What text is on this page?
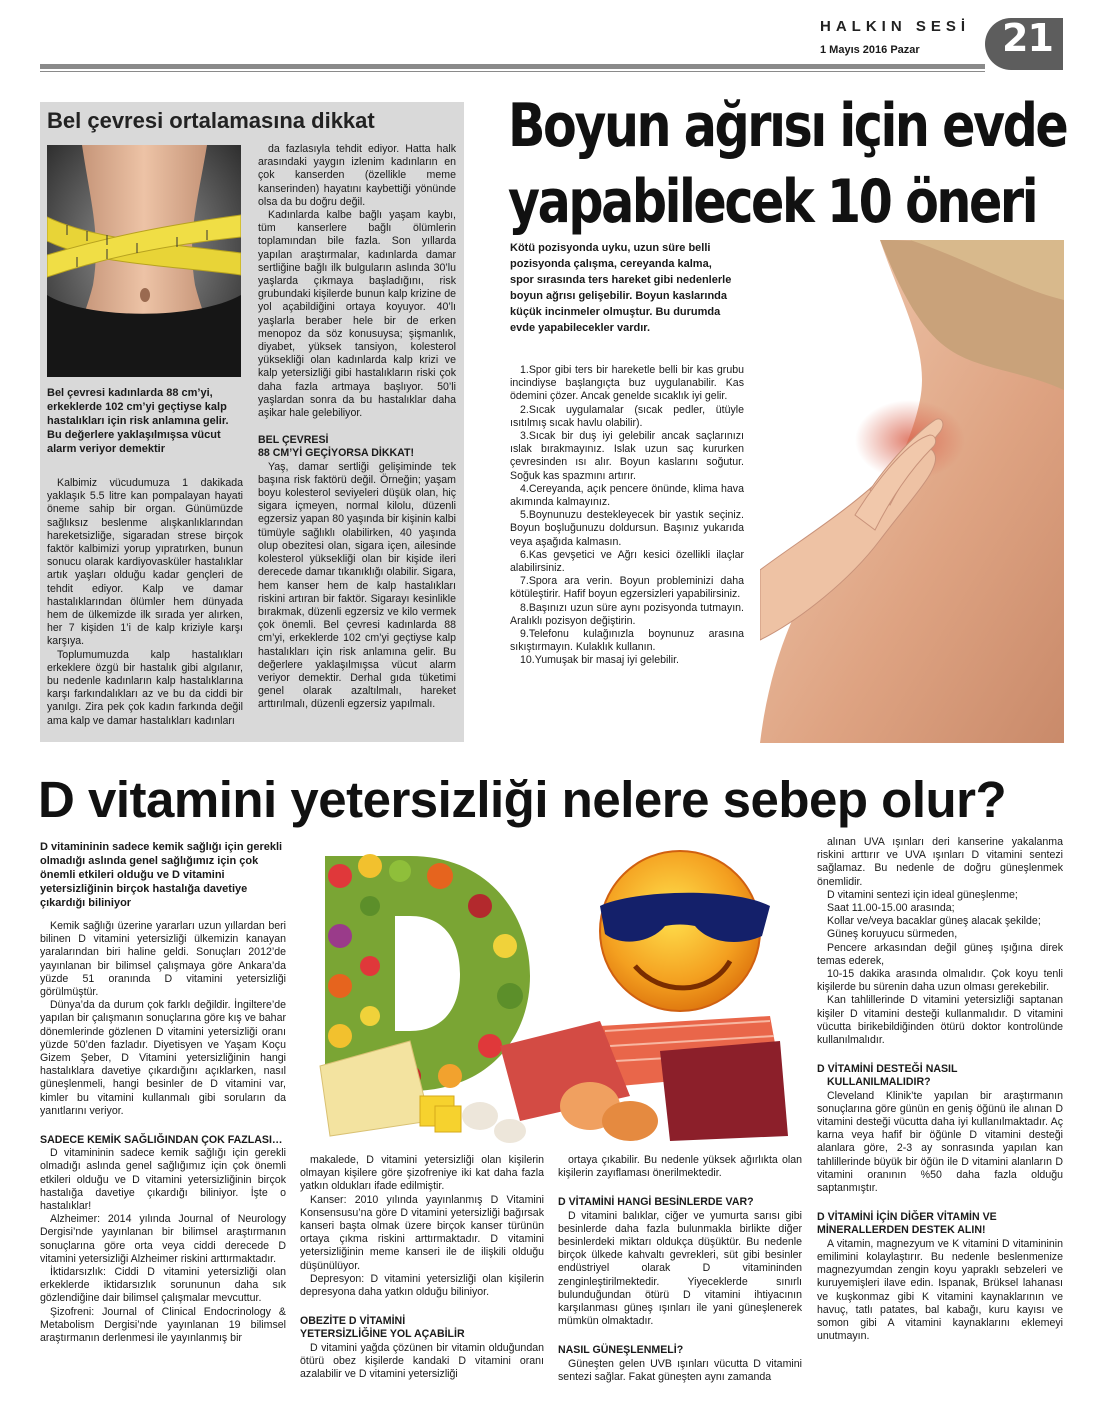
HALKIN SESİ
1 Mayıs 2016 Pazar 21
Bel çevresi ortalamasına dikkat
Bel çevresi kadınlarda 88 cm’yi, erkeklerde 102 cm’yi geçtiyse kalp hastalıkları için risk anlamına gelir. Bu değerlere yaklaşılmışsa vücut alarm veriyor demektir

Kalbimiz vücudumuza 1 dakikada yaklaşık 5.5 litre kan pompalayan hayati öneme sahip bir organ. Günümüzde sağlıksız beslenme alışkanlıklarından hareketsizliğe, sigaradan strese birçok faktör kalbimizi yorup yıpratırken, bunun sonucu olarak kardiyovasküler hastalıklar artık yaşları olduğu kadar gençleri de tehdit ediyor. Kalp ve damar hastalıklarından ölümler hem dünyada hem de ülkemizde ilk sırada yer alırken, her 7 kişiden 1’i de kalp kriziyle karşı karşıya.

Toplumumuzda kalp hastalıkları erkeklere özgü bir hastalık gibi algılanır, bu nedenle kadınların kalp hastalıklarına karşı farkındalıkları az ve bu da ciddi bir yanılgı. Zira pek çok kadın farkında değil ama kalp ve damar hastalıkları kadınları

da fazlasıyla tehdit ediyor. Hatta halk arasındaki yaygın izlenim kadınların en çok kanserden (özellikle meme kanserinden) hayatını kaybettiği yönünde olsa da bu doğru değil.

Kadınlarda kalbe bağlı yaşam kaybı, tüm kanserlere bağlı ölümlerin toplamından bile fazla. Son yıllarda yapılan araştırmalar, kadınlarda damar sertliğine bağlı ilk bulguların aslında 30’lu yaşlarda çıkmaya başladığını, risk grubundaki kişilerde bunun kalp krizine de yol açabildiğini ortaya koyuyor. 40’lı yaşlarla beraber hele bir de erken menopoz da söz konusuysa; şişmanlık, diyabet, yüksek tansiyon, kolesterol yüksekliği olan kadınlarda kalp krizi ve kalp yetersizliği gibi hastalıkların riski çok daha fazla artmaya başlıyor. 50’li yaşlardan sonra da bu hastalıklar daha aşikar hale gelebiliyor.

BEL ÇEVRESİ

88 CM’Yİ GEÇİYORSA DİKKAT!

Yaş, damar sertliği gelişiminde tek başına risk faktörü değil. Örneğin; yaşam boyu kolesterol seviyeleri düşük olan, hiç sigara içmeyen, normal kilolu, düzenli egzersiz yapan 80 yaşında bir kişinin kalbi tümüyle sağlıklı olabilirken, 40 yaşında olup obezitesi olan, sigara içen, ailesinde kolesterol yüksekliği olan bir kişide ileri derecede damar tıkanıklığı olabilir. Sigara, hem kanser hem de kalp hastalıkları riskini artıran bir faktör. Sigarayı kesinlikle bırakmak, düzenli egzersiz ve kilo vermek çok önemli. Bel çevresi kadınlarda 88 cm’yi, erkeklerde 102 cm’yi geçtiyse kalp hastalıkları için risk anlamına gelir. Bu değerlere yaklaşılmışsa vücut alarm veriyor demektir. Derhal gıda tüketimi genel olarak azaltılmalı, hareket arttırılmalı, düzenli egzersiz yapılmalı.

Boyun ağrısı için evde
yapabilecek 10 öneri
Kötü pozisyonda uyku, uzun süre belli pozisyonda çalışma, cereyanda kalma, spor sırasında ters hareket gibi nedenlerle boyun ağrısı gelişebilir. Boyun kaslarında küçük incinmeler olmuştur. Bu durumda evde yapabilecekler vardır.

1.Spor gibi ters bir hareketle belli bir kas grubu incindiyse başlangıçta buz uygulanabilir. Kas ödemini çözer. Ancak genelde sıcaklık iyi gelir.

2.Sıcak uygulamalar (sıcak pedler, ütüyle ısıtılmış sıcak havlu olabilir).

3.Sıcak bir duş iyi gelebilir ancak saçlarınızı ıslak bırakmayınız. Islak uzun saç kururken çevresinden ısı alır. Boyun kaslarını soğutur. Soğuk kas spazmını artırır.

4.Cereyanda, açık pencere önünde, klima hava akımında kalmayınız.

5.Boynunuzu destekleyecek bir yastık seçiniz. Boyun boşluğunuzu doldursun. Başınız yukarıda veya aşağıda kalmasın.

6.Kas gevşetici ve Ağrı kesici özellikli ilaçlar alabilirsiniz.

7.Spora ara verin. Boyun probleminizi daha kötüleştirir. Hafif boyun egzersizleri yapabilirsiniz.

8.Başınızı uzun süre aynı pozisyonda tutmayın. Aralıklı pozisyon değiştirin.

9.Telefonu kulağınızla boynunuz arasına sıkıştırmayın. Kulaklık kullanın.

10.Yumuşak bir masaj iyi gelebilir.

D vitamini yetersizliği nelere sebep olur?
D vitamininin sadece kemik sağlığı için gerekli olmadığı aslında genel sağlığımız için çok önemli etkileri olduğu ve D vitamini yetersizliğinin birçok hastalığa davetiye çıkardığı biliniyor

Kemik sağlığı üzerine yararları uzun yıllardan beri bilinen D vitamini yetersizliği ülkemizin kanayan yaralarından biri haline geldi. Sonuçları 2012’de yayınlanan bir bilimsel çalışmaya göre Ankara’da yüzde 51 oranında D vitamini yetersizliği görülmüştür.

Dünya’da da durum çok farklı değildir. İngiltere’de yapılan bir çalışmanın sonuçlarına göre kış ve bahar dönemlerinde gözlenen D vitamini yetersizliği oranı yüzde 50’den fazladır. Diyetisyen ve Yaşam Koçu Gizem Şeber, D Vitamini yetersizliğinin hangi hastalıklara davetiye çıkardığını açıklarken, nasıl güneşlenmeli, hangi besinler de D vitamini var, kimler bu vitamini kullanmalı gibi soruların da yanıtlarını veriyor.

SADECE KEMİK SAĞLIĞINDAN ÇOK FAZLASI…

D vitamininin sadece kemik sağlığı için gerekli olmadığı aslında genel sağlığımız için çok önemli etkileri olduğu ve D vitamini yetersizliğinin birçok hastalığa davetiye çıkardığı biliniyor. İşte o hastalıklar!

Alzheimer: 2014 yılında Journal of Neurology Dergisi’nde yayınlanan bir bilimsel araştırmanın sonuçlarına göre orta veya ciddi derecede D vitamini yetersizliği Alzheimer riskini arttırmaktadır.

İktidarsızlık: Ciddi D vitamini yetersizliği olan erkeklerde iktidarsızlık sorununun daha sık gözlendiğine dair bilimsel çalışmalar mevcuttur.

Şizofreni: Journal of Clinical Endocrinology & Metabolism Dergisi’nde yayınlanan 19 bilimsel araştırmanın derlenmesi ile yayınlanmış bir

makalede, D vitamini yetersizliği olan kişilerin olmayan kişilere göre şizofreniye iki kat daha fazla yatkın oldukları ifade edilmiştir.

Kanser: 2010 yılında yayınlanmış D Vitamini Konsensusu’na göre D vitamini yetersizliği bağırsak kanseri başta olmak üzere birçok kanser türünün ortaya çıkma riskini arttırmaktadır. D vitamini yetersizliğinin meme kanseri ile de ilişkili olduğu düşünülüyor.

Depresyon: D vitamini yetersizliği olan kişilerin depresyona daha yatkın olduğu biliniyor.

OBEZİTE D VİTAMİNİ

YETERSİZLİĞİNE YOL AÇABİLİR

D vitamini yağda çözünen bir vitamin olduğundan ötürü obez kişilerde kandaki D vitamini oranı azalabilir ve D vitamini yetersizliği

ortaya çıkabilir. Bu nedenle yüksek ağırlıkta olan kişilerin zayıflaması önerilmektedir.

D VİTAMİNİ HANGİ BESİNLERDE VAR?

D vitamini balıklar, ciğer ve yumurta sarısı gibi besinlerde daha fazla bulunmakla birlikte diğer besinlerdeki miktarı oldukça düşüktür. Bu nedenle birçok ülkede kahvaltı gevrekleri, süt gibi besinler endüstriyel olarak D vitamininden zenginleştirilmektedir. Yiyeceklerde sınırlı bulunduğundan ötürü D vitamini ihtiyacının karşılanması güneş ışınları ile yani güneşlenerek mümkün olmaktadır.

NASIL GÜNEŞLENMELİ?

Güneşten gelen UVB ışınları vücutta D vitamini sentezi sağlar. Fakat güneşten aynı zamanda

alınan UVA ışınları deri kanserine yakalanma riskini arttırır ve UVA ışınları D vitamini sentezi sağlamaz. Bu nedenle de doğru güneşlenmek önemlidir.

D vitamini sentezi için ideal güneşlenme;

Saat 11.00-15.00 arasında;

Kollar ve/veya bacaklar güneş alacak şekilde;

Güneş koruyucu sürmeden,

Pencere arkasından değil güneş ışığına direk temas ederek,

10-15 dakika arasında olmalıdır. Çok koyu tenli kişilerde bu sürenin daha uzun olması gerekebilir.

Kan tahlillerinde D vitamini yetersizliği saptanan kişiler D vitamini desteği kullanmalıdır. D vitamini vücutta birikebildiğinden ötürü doktor kontrolünde kullanılmalıdır.

D VİTAMİNİ DESTEĞİ NASIL

KULLANILMALIDIR?

Cleveland Klinik’te yapılan bir araştırmanın sonuçlarına göre günün en geniş öğünü ile alınan D vitamini desteği vücutta daha iyi kullanılmaktadır. Aç karna veya hafif bir öğünle D vitamini desteği alanlara göre, 2-3 ay sonrasında yapılan kan tahlillerinde büyük bir öğün ile D vitamini alanların D vitamini oranının %50 daha fazla olduğu saptanmıştır.

D VİTAMİNİ İÇİN DİĞER VİTAMİN VE

MİNERALLERDEN DESTEK ALIN!

A vitamin, magnezyum ve K vitamini D vitamininin emilimini kolaylaştırır. Bu nedenle beslenmenize magnezyumdan zengin koyu yapraklı sebzeleri ve kuruyemişleri ilave edin. Ispanak, Brüksel lahanası ve kuşkonmaz gibi K vitamini kaynaklarının ve havuç, tatlı patates, bal kabağı, kuru kayısı ve somon gibi A vitamini kaynaklarını eklemeyi unutmayın.
